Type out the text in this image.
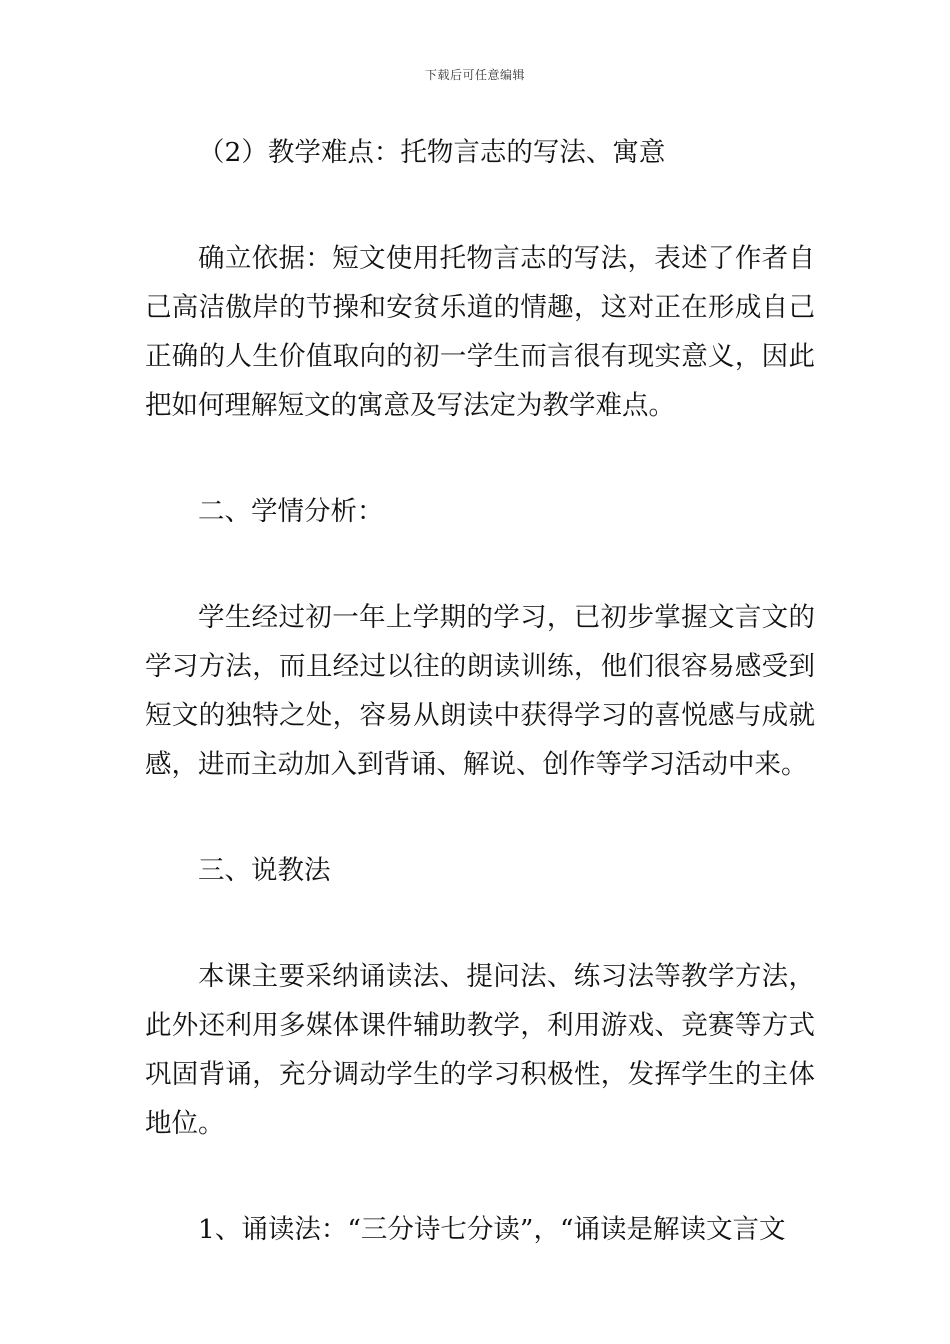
下载后可任意编辑

（2）教学难点：托物言志的写法、寓意

确立依据：短文使用托物言志的写法，表述了作者自己高洁傲岸的节操和安贫乐道的情趣，这对正在形成自己正确的人生价值取向的初一学生而言很有现实意义，因此把如何理解短文的寓意及写法定为教学难点。

二、学情分析：

学生经过初一年上学期的学习，已初步掌握文言文的学习方法，而且经过以往的朗读训练，他们很容易感受到短文的独特之处，容易从朗读中获得学习的喜悦感与成就感，进而主动加入到背诵、解说、创作等学习活动中来。

三、说教法

本课主要采纳诵读法、提问法、练习法等教学方法，此外还利用多媒体课件辅助教学，利用游戏、竞赛等方式巩固背诵，充分调动学生的学习积极性，发挥学生的主体地位。

1、诵读法：“三分诗七分读”，“诵读是解读文言文
